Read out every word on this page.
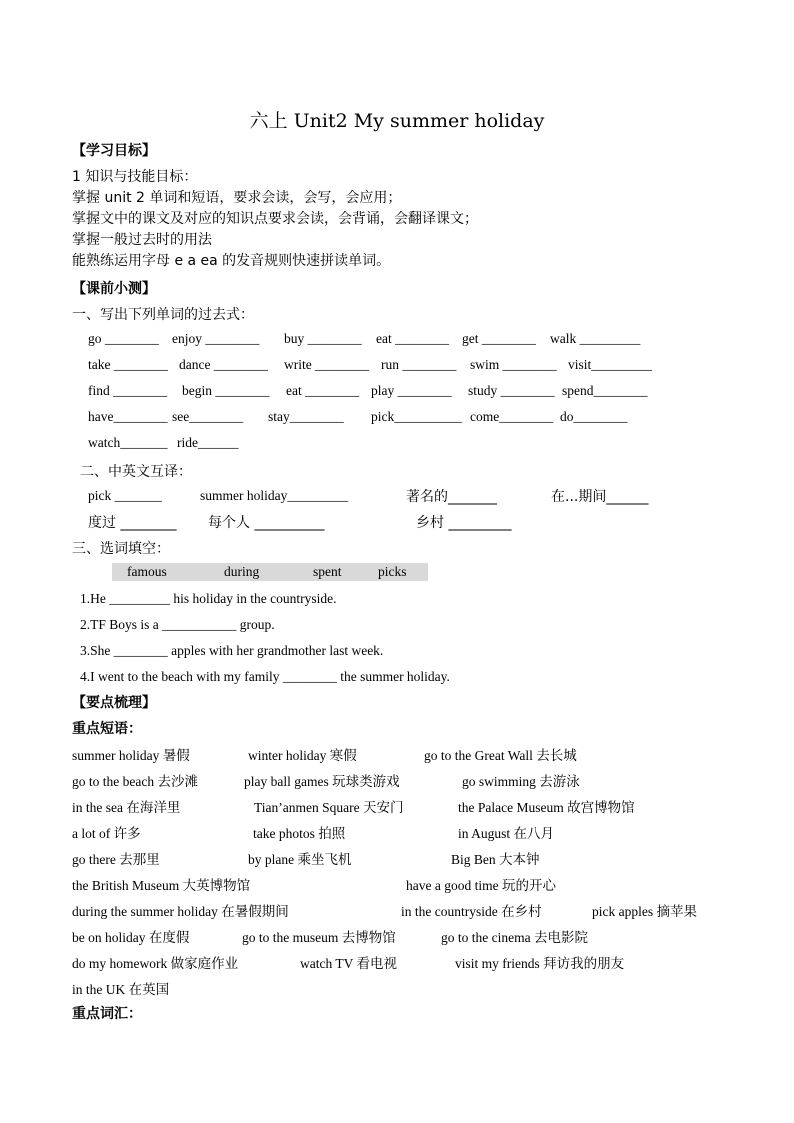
六上 Unit2 My summer holiday
【学习目标】
1 知识与技能目标：
掌握 unit 2 单词和短语，要求会读，会写，会应用；
掌握文中的课文及对应的知识点要求会读，会背诵，会翻译课文；
掌握一般过去时的用法
能熟练运用字母 e a ea 的发音规则快速拼读单词。
【课前小测】
一、写出下列单词的过去式：
go ________ enjoy ________ buy ________ eat ________ get ________ walk _________
take ________ dance ________ write ________ run ________ swim ________ visit_________
find ________ begin ________ eat ________ play ________ study ________ spend________
have________ see________ stay________ pick__________ come________ do________
watch_______ ride______
二、中英文互译：
pick _______	summer holiday_________	著名的_______	在...期间______
度过 ________ 每个人 __________	乡村 _________
三、选词填空：
famous	during	spent	picks
1.He _________ his holiday in the countryside.
2.TF Boys is a ___________ group.
3.She ________ apples with her grandmother last week.
4.I went to the beach with my family ________ the summer holiday.
【要点梳理】
重点短语：
summer holiday 暑假	winter holiday 寒假	go to the Great Wall 去长城
go to the beach 去沙滩	play ball games 玩球类游戏	go swimming 去游泳
in the sea 在海洋里	Tian’anmen Square 天安门	the Palace Museum 故宫博物馆
a lot of 许多	take photos 拍照	in August 在八月
go there 去那里	by plane 乘坐飞机	Big Ben 大本钟
the British Museum 大英博物馆	have a good time 玩的开心
during the summer holiday 在暑假期间	in the countryside 在乡村	pick apples 摘苹果
be on holiday 在度假	go to the museum 去博物馆	go to the cinema 去电影院
do my homework 做家庭作业	watch TV 看电视	visit my friends 拜访我的朋友
in the UK 在英国
重点词汇：
